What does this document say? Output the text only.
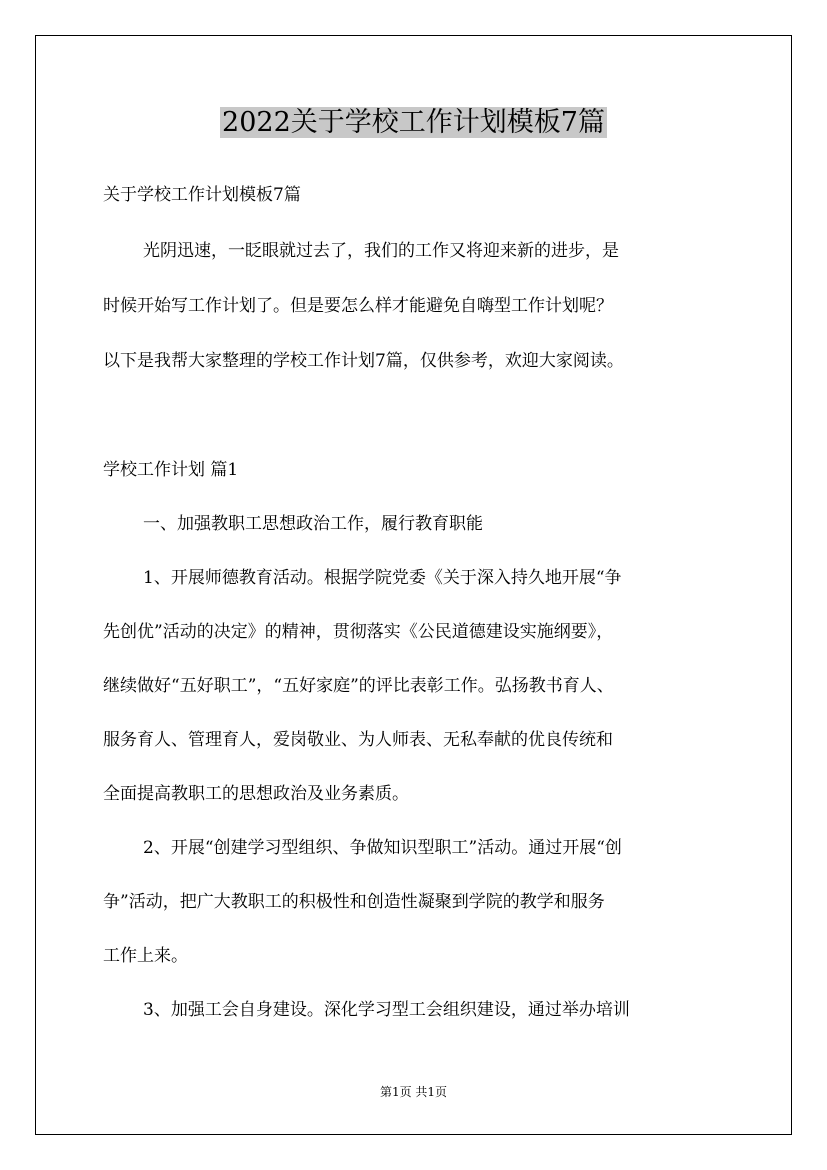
2022关于学校工作计划模板7篇
关于学校工作计划模板7篇
光阴迅速，一眨眼就过去了，我们的工作又将迎来新的进步，是
时候开始写工作计划了。但是要怎么样才能避免自嗨型工作计划呢？
以下是我帮大家整理的学校工作计划7篇，仅供参考，欢迎大家阅读。
学校工作计划 篇1
一、加强教职工思想政治工作，履行教育职能
1、开展师德教育活动。根据学院党委《关于深入持久地开展“争
先创优”活动的决定》的精神，贯彻落实《公民道德建设实施纲要》，
继续做好“五好职工”，“五好家庭”的评比表彰工作。弘扬教书育人、
服务育人、管理育人，爱岗敬业、为人师表、无私奉献的优良传统和
全面提高教职工的思想政治及业务素质。
2、开展“创建学习型组织、争做知识型职工”活动。通过开展“创
争”活动，把广大教职工的积极性和创造性凝聚到学院的教学和服务
工作上来。
3、加强工会自身建设。深化学习型工会组织建设，通过举办培训
第1页 共1页
